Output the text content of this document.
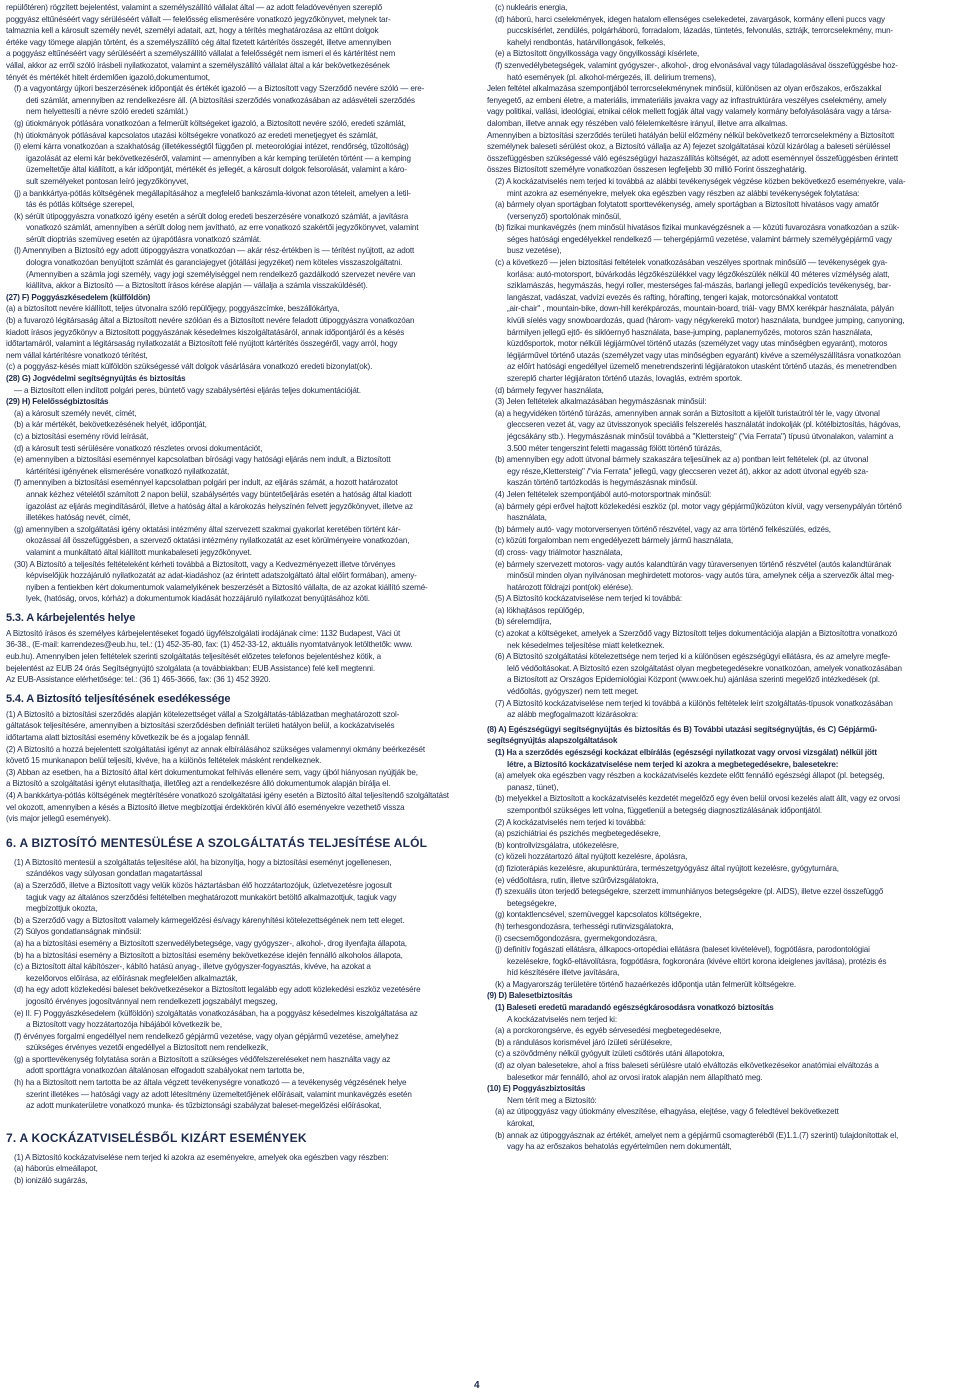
repülőtéren) rögzített bejelentést, valamint a személyszállító vállalat által — az adott feladóvevényen szereplő

poggyász eltűnéséért vagy sérüléséért vállalt — felelősség elismerésére vonatkozó jegyzőkönyvet, melynek tar-

talmaznia kell a károsult személy nevét, személyi adatait, azt, hogy a térítés meghatározása az eltűnt dolgok

értéke vagy tömege alapján történt, és a személyszállító cég által fizetett kártérítés összegét, illetve amennyiben

a poggyász eltűnéséért vagy sérüléséért a személyszállító vállalat a felelősségét nem ismeri el és kártérítést nem

vállal, akkor az erről szóló írásbeli nyilatkozatot, valamint a személyszállító vállalat által a kár bekövetkezésének

tényét és mértékét hitelt érdemlően igazoló,dokumentumot,

(f) a vagyontárgy újkori beszerzésének időpontját és értékét igazoló — a Biztosított vagy Szerződő nevére szóló — ere-

deti számlát, amennyiben az rendelkezésre áll. (A biztosítási szerződés vonatkozásában az adásvételi szerződés

nem helyettesíti a névre szóló eredeti számlát.)

(g) útiokmányok pótlására vonatkozóan a felmerült költségeket igazoló, a Biztosított nevére szóló, eredeti számlát,

(h) útiokmányok pótlásával kapcsolatos utazási költségekre vonatkozó az eredeti menetjegyet és számlát,

(i) elemi kárra vonatkozóan a szakhatóság (illetékességtől függően pl. meteorológiai intézet, rendőrség, tűzoltóság)

igazolását az elemi kár bekövetkezéséről, valamint — amennyiben a kár kemping területén történt — a kemping

üzemeltetője által kiállított, a kár időpontját, mértékét és jellegét, a károsult dolgok felsorolását, valamint a káro-

sult személyeket pontosan leíró jegyzőkönyvet,

(j) a bankkártya-pótlás költségének megállapításához a megfelelő bankszámla-kivonat azon tételeit, amelyen a letil-

tás és pótlás költsége szerepel,

(k) sérült útipoggyászra vonatkozó igény esetén a sérült dolog eredeti beszerzésére vonatkozó számlát, a javításra

vonatkozó számlát, amennyiben a sérült dolog nem javítható, az erre vonatkozó szakértői jegyzőkönyvet, valamint

sérült dioptriás szemüveg esetén az újrapótlásra vonatkozó számlát.

(l) Amennyiben a Biztosító egy adott útipoggyászra vonatkozóan — akár rész-értékben is — térítést nyújtott, az adott

dologra vonatkozóan benyújtott számlát és garanciajegyet (jótállási jegyzéket) nem köteles visszaszolgáltatni.

(Amennyiben a számla jogi személy, vagy jogi személyiséggel nem rendelkező gazdálkodó szervezet nevére van

kiállítva, akkor a Biztosító — a Biztosított írásos kérése alapján — vállalja a számla visszaküldését).

(27) F) Poggyászkésedelem (külföldön)

(a) a biztosított nevére kiállított, teljes útvonalra szóló repülőjegy, poggyászcímke, beszállókártya,

(b) a fuvarozó légitársaság által a Biztosított nevére szólóan és a Biztosított nevére feladott útipoggyászra vonatkozóan

kiadott írásos jegyzőkönyv a Biztosított poggyászának késedelmes kiszolgáltatásáról, annak időpontjáról és a késés

időtartamáról, valamint a légitársaság nyilatkozatát a Biztosított felé nyújtott kártérítés összegéről, vagy arról, hogy

nem vállal kártérítésre vonatkozó térítést,

(c) a poggyász-késés miatt külföldön szükségessé vált dolgok vásárlására vonatkozó eredeti bizonylat(ok).

(28) G) Jogvédelmi segítségnyújtás és biztosítás

— a Biztosított ellen indított polgári peres, büntető vagy szabálysértési eljárás teljes dokumentációját.

(29) H) Felelősségbiztosítás

(a) a károsult személy nevét, címét,

(b) a kár mértékét, bekövetkezésének helyét, időpontját,

(c) a biztosítási esemény rövid leírását,

(d) a károsult testi sérülésére vonatkozó részletes orvosi dokumentációt,

(e) amennyiben a biztosítási eseménnyel kapcsolatban bírósági vagy hatósági eljárás nem indult, a Biztosított

kártérítési igényének elismerésére vonatkozó nyilatkozatát,

(f) amennyiben a biztosítási eseménnyel kapcsolatban polgári per indult, az eljárás számát, a hozott határozatot

annak kézhez vételétől számított 2 napon belül, szabálysértés vagy büntetőeljárás esetén a hatóság által kiadott

igazolást az eljárás megindításáról, illetve a hatóság által a károkozás helyszínén felvett jegyzőkönyvet, illetve az

illetékes hatóság nevét, címét,

(g) amennyiben a szolgáltatási igény oktatási intézmény által szervezett szakmai gyakorlat keretében történt kár-

okozással áll összefüggésben, a szervező oktatási intézmény nyilatkozatát az eset körülményeire vonatkozóan,

valamint a munkáltató által kiállított munkabaleseti jegyzőkönyvet.

(30) A Biztosító a teljesítés feltételeként kérheti továbbá a Biztosított, vagy a Kedvezményezett illetve törvényes

képviselőjük hozzájáruló nyilatkozatát az adat-kiadáshoz (az érintett adatszolgáltató által előírt formában), ameny-

nyiben a fentiekben kért dokumentumok valamelyikének beszerzését a Biztosító vállalta, de az azokat kiállító szemé-

lyek, (hatóság, orvos, kórház) a dokumentumok kiadását hozzájáruló nyilatkozat benyújtásához köti.

5.3. A kárbejelentés helye

A Biztosító írásos és személyes kárbejelentéseket fogadó ügyfélszolgálati irodájának címe: 1132 Budapest, Váci út

36-38., (E-mail: karrendezes@eub.hu, tel.: (1) 452-35-80, fax: (1) 452-33-12, aktuális nyomtatványok letölthetők: www.

eub.hu). Amennyiben jelen feltételek szerinti szolgáltatás teljesítését előzetes telefonos bejelentéshez kötik, a

bejelentést az EUB 24 órás Segítségnyújtó szolgálata (a továbbiakban: EUB Assistance) felé kell megtenni.

Az EUB-Assistance elérhetősége: tel.: (36 1) 465-3666, fax: (36 1) 452 3920.

5.4. A Biztosító teljesítésének esedékessége

(1) A Biztosító a biztosítási szerződés alapján kötelezettséget vállal a Szolgáltatás-táblázatban meghatározott szol-

gáltatások teljesítésére, amennyiben a biztosítási szerződésben definiált területi hatályon belül, a kockázatviselés

időtartama alatt biztosítási esemény következik be és a jogalap fennáll.

(2) A Biztosító a hozzá bejelentett szolgáltatási igényt az annak elbírálásához szükséges valamennyi okmány beérkezését

követő 15 munkanapon belül teljesíti, kivéve, ha a különös feltételek másként rendelkeznek.

(3) Abban az esetben, ha a Biztosító által kért dokumentumokat felhívás ellenére sem, vagy újból hiányosan nyújtják be,

a Biztosító a szolgáltatási igényt elutasíthatja, illetőleg azt a rendelkezésre álló dokumentumok alapján bírálja el.

(4) A bankkártya-pótlás költségének megtérítésére vonatkozó szolgáltatási igény esetén a Biztosító által teljesítendő szolgáltatást

vel okozott, amennyiben a késés a Biztosító illetve megbízottjai érdekkörén kívül álló eseményekre vezethető vissza

(vis major jellegű események).

6. A BIZTOSÍTÓ MENTESÜLÉSE A SZOLGÁLTATÁS TELJESÍTÉSE ALÓL

(1) A Biztosító mentesül a szolgáltatás teljesítése alól, ha bizonyítja, hogy a biztosítási eseményt jogellenesen,

szándékos vagy súlyosan gondatlan magatartással

(a) a Szerződő, illetve a Biztosított vagy velük közös háztartásban élő hozzátartozójuk, üzletvezetésre jogosult

tagjuk vagy az általános szerződési feltételben meghatározott munkakört betöltő alkalmazottjuk, tagjuk vagy

megbízottjuk okozta,

(b) a Szerződő vagy a Biztosított valamely kármegelőzési és/vagy kárenyhítési kötelezettségének nem tett eleget.

(2) Súlyos gondatlanságnak minősül:

(a) ha a biztosítási esemény a Biztosított szenvedélybetegsége, vagy gyógyszer-, alkohol-, drog ilyenfajta állapota,

(b) ha a biztosítási esemény a Biztosított a biztosítási esemény bekövetkezése idején fennálló alkoholos állapota,

(c) a Biztosított által kábítószer-, kábító hatású anyag-, illetve gyógyszer-fogyasztás, kivéve, ha azokat a

kezelőorvos előírása, az előírásnak megfelelően alkalmazták,

(d) ha egy adott közlekedési baleset bekövetkezésekor a Biztosított legalább egy adott közlekedési eszköz vezetésére

jogosító érvényes jogosítvánnyal nem rendelkezett jogszabályt megszeg,

(e) II. F) Poggyászkésedelem (külföldön) szolgáltatás vonatkozásában, ha a poggyász késedelmes kiszolgáltatása az

a Biztosított vagy hozzátartozója hibájából következik be,

(f) érvényes forgalmi engedéllyel nem rendelkező gépjármű vezetése, vagy olyan gépjármű vezetése, amelyhez

szükséges érvényes vezetői engedéllyel a Biztosított nem rendelkezik,

(g) a sporttevékenység folytatása során a Biztosított a szükséges védőfelszereléseket nem használta vagy az

adott sporttágra vonatkozóan általánosan elfogadott szabályokat nem tartotta be,

(h) ha a Biztosított nem tartotta be az általa végzett tevékenységre vonatkozó — a tevékenység végzésének helye

szerint illetékes — hatósági vagy az adott létesítmény üzemeltetőjének előírásait, valamint munkavégzés esetén

az adott munkaterületre vonatkozó munka- és tűzbiztonsági szabályzat baleset-megelőzési előírásokat,

7. A KOCKÁZATVISELÉSBŐL KIZÁRT ESEMÉNYEK

(1) A Biztosító kockázatviselése nem terjed ki azokra az eseményekre, amelyek oka egészben vagy részben:

(a) háborús elmeállapot,

(b) ionizáló sugárzás,

(c) nukleáris energia,

(d) háború, harci cselekmények, idegen hatalom ellenséges cselekedetei, zavargások, kormány elleni puccs vagy

puccskísérlet, zendülés, polgárháború, forradalom, lázadás, tüntetés, felvonulás, sztrájk, terrorcselekmény, mun-

kahelyi rendbontás, határvillongások, felkelés,

(e) a Biztosított öngyilkossága vagy öngyilkossági kísérlete,

(f) szenvedélybetegségek, valamint gyógyszer-, alkohol-, drog elvonásával vagy túladagolásával összefüggésbe hoz-

ható események (pl. alkohol-mérgezés, ill. delirium tremens),

Jelen feltétel alkalmazása szempontjából terrorcselekménynek minősül, különösen az olyan erőszakos, erőszakkal

fenyegető, az embeni életre, a materiális, immateriális javakra vagy az infrastruktúrára veszélyes cselekmény, amely

vagy politikai, vallási, ideológiai, etnikai célok mellett fogják által vagy valamely kormány befolyásolására vagy a társa-

dalomban, illetve annak egy részében való félelemkeltésre irányul, illetve arra alkalmas.

Amennyiben a biztosítási szerződés területi hatályán belül előzmény nélkül bekövetkező terrorcselekmény a Biztosított

személynek baleseti sérülést okoz, a Biztosító vállalja az A) fejezet szolgáltatásai közül kizárólag a baleseti sérüléssel

összefüggésben szükségessé váló egészségügyi hazaszállítás költségét, az adott eseménnyel összefüggésben érintett

összes Biztosított személyre vonatkozóan összesen legfeljebb 30 millió Forint összeghatárig.

(2) A kockázatviselés nem terjed ki továbbá az alábbi tevékenységek végzése közben bekövetkező eseményekre, vala-

mint azokra az eseményekre, melyek oka egészben vagy részben az alábbi tevékenységek folytatása:

(a) bármely olyan sportágban folytatott sporttevékenység, amely sportágban a Biztosított hivatásos vagy amatőr

(versenyző) sportolónak minősül,

(b) fizikai munkavégzés (nem minősül hivatásos fizikai munkavégzésnek a — közúti fuvarozásra vonatkozóan a szük-

séges hatósági engedélyekkel rendelkező — tehergépjármű vezetése, valamint bármely személygépjármű vagy

busz vezetése),

(c) a következő — jelen biztosítási feltételek vonatkozásában veszélyes sportnak minősülő — tevékenységek gya-

korlása: autó-motorsport, búvárkodás légzőkészülékkel vagy légzőkészülék nélkül 40 méteres vízmélység alatt,

sziklamászás, hegymászás, hegyi roller, mesterséges fal-mászás, barlangi jellegű expedíciós tevékenység, bar-

langászat, vadászat, vadvízi evezés és rafting, hórafting, tengeri kajak, motorcsónakkal vontatott

„air-chair" , mountain-bike, down-hill kerékpározás, mountain-board, triál- vagy BMX kerékpár használata, pályán

kívüli síelés vagy snowboardozás, quad (három- vagy négykerekű motor) használata, bundgee jumping, canyoning,

bármilyen jellegű ejtő- és siklóernyő használata, base-jumping, paplanernyőzés, motoros szán használata,

küzdősportok, motor nélküli légijármûvel történő utazás (személyzet vagy utas minőségben egyaránt), motoros

légijárművel történő utazás (személyzet vagy utas minőségben egyaránt) kivéve a személyszállításra vonatkozóan

az előírt hatósági engedéllyel üzemelő menetrendszerinti légijáratokon utasként történő utazás, és menetrendben

szereplő charter légijáraton történő utazás, lovaglás, extrém sportok.

(d) bármely fegyver használata,

(3) Jelen feltételek alkalmazásában hegymászásnak minősül:

(a) a hegyvidéken történő túrázás, amennyiben annak során a Biztosított a kijelölt turistaútról tér le, vagy útvonal

gleccseren vezet át, vagy az útvisszonyok speciális felszerelés használatát indokolják (pl. kötélbiztosítás, hágóvas,

jégcsákány stb.). Hegymászásnak minősül továbbá a "Klettersteig" ("via Ferrata") típusú útvonalakon, valamint a

3.500 méter tengerszint feletti magasság fölött történő túrázás,

(b) amennyiben egy adott útvonal bármely szakaszára teljesülnek az a) pontban leírt feltételek (pl. az útvonal

egy része„Klettersteig" /"via Ferrata" jellegű, vagy gleccseren vezet át), akkor az adott útvonal egyéb sza-

kaszán történő tartózkodás is hegymászásnak minősül.

(4) Jelen feltételek szempontjából autó-motorsportnak minősül:

(a) bármely gépi erővel hajtott közlekedési eszköz (pl. motor vagy gépjármű)közúton kívül, vagy versenypályán történő

használata,

(b) bármely autó- vagy motorversenyen történő részvétel, vagy az arra történő felkészülés, edzés,

(c) közúti forgalomban nem engedélyezett bármely jármű használata,

(d) cross- vagy triálmotor használata,

(e) bármely szervezett motoros- vagy autós kalandtúrán vagy túraversenyen történő részvétel (autós kalandtúrának

minősül minden olyan nyilvánosan meghirdetett motoros- vagy autós túra, amelynek célja a szervezők által meg-

határozott földrajzi pont(ok) elérése).

(5) A Biztosító kockázatviselése nem terjed ki továbbá:

(a) lökhajtásos repülőgép,

(b) sérelemdíjra,

(c) azokat a költségeket, amelyek a Szerződő vagy Biztosított teljes dokumentációja alapján a Biztosítottra vonatkozó

nek késedelmes teljesítése miatt keletkeznek.

(6) A Biztosító szolgáltatási kötelezettsége nem terjed ki a különösen egészségügyi ellátásra, és az amelyre megfe-

lelő védőoltásokat. A Biztosító ezen szolgáltatást olyan megbetegedésekre vonatkozóan, amelyek vonatkozásában

a Biztosított az Országos Epidemiológiai Központ (www.oek.hu) ajánlása szerinti megelőző intézkedések (pl.

védőoltás, gyógyszer) nem tett meget.

(7) A Biztosító kockázatviselése nem terjed ki továbbá a különös feltételek leírt szolgáltatás-típusok vonatkozásában

az alább megfogalmazott kizárásokra:

(8) A) Egészségügyi segítségnyújtás és biztosítás és B) További utazási segítségnyújtás, és C) Gépjármű-

segítségnyújtás alapszolgáltatások

(1) Ha a szerződés egészségi kockázat elbírálás (egészségi nyilatkozat vagy orvosi vizsgálat) nélkül jött

létre, a Biztosító kockázatviselése nem terjed ki azokra a megbetegedésekre, balesetekre:

(a) amelyek oka egészben vagy részben a kockázatviselés kezdete előtt fennálló egészségi állapot (pl. betegség,

panasz, tünet),

(b) melyekkel a Biztosított a kockázatviselés kezdetét megelőző egy éven belül orvosi kezelés alatt állt, vagy ez orvosi

szempontból szükséges lett volna, függetlenül a betegség diagnosztizálásának időpontjától.

(2) A kockázatviselés nem terjed ki továbbá:

(a) pszichiátriai és pszichés megbetegedésekre,

(b) kontrollvizsgálatra, utókezelésre,

(c) közeli hozzátartozó által nyújtott kezelésre, ápolásra,

(d) fizioterápiás kezelésre, akupunktúrára, természetgyógyász által nyújtott kezelésre, gyógyturnára,

(e) védőoltásra, rutin, illetve szűrővizsgálatokra,

(f) szexuális úton terjedő betegségekre, szerzett immunhiányos betegségekre (pl. AIDS), illetve ezzel összefüggő

betegségekre,

(g) kontaktlencsével, szemüveggel kapcsolatos költségekre,

(h) terhesgondozásra, terhességi rutinvizsgálatokra,

(i) csecsemőgondozásra, gyermekgondozásra,

(j) definitív fogászati ellátásra, állkapocs-ortopédiai ellátásra (baleset kivételével), fogpótlásra, parodontológiai

kezelésekre, fogkő-eltávolításra, fogpótlásra, fogkoronára (kivéve eltört korona ideiglenes javítása), protézis és

híd készítésére illetve javítására,

(k) a Magyarország területére történő hazaérkezés időpontja után felmerült költségekre.

(9) D) Balesetbiztosítás

(1) Baleseti eredetű maradandó egészségkárosodásra vonatkozó biztosítás

A kockázatviselés nem terjed ki:

(a) a porckorongsérve, és egyéb sérvesedési megbetegedésekre,

(b) a rándulásos korismével járó ízületi sérülésekre,

(c) a szövődmény nélkül gyógyult ízületi csőtörés utáni állapotokra,

(d) az olyan balesetekre, ahol a friss baleseti sérülésre utaló elváltozás elkövetkezésekor anatómiai elváltozás a

balesetkor már fennálló, ahol az orvosi iratok alapján nem állapítható meg.

(10) E) Poggyászbiztosítás

Nem térít meg a Biztosító:

(a) az útipoggyász vagy útiokmány elveszítése, elhagyása, elejtése, vagy ő feledtével bekövetkezett

károkat,

(b) annak az útipoggyásznak az értékét, amelyet nem a gépjármű csomagteréből (E)1.1.(7) szerinti) tulajdonítottak el,

vagy ha az erőszakos behatolás egyértelműen nem dokumentált,

4
